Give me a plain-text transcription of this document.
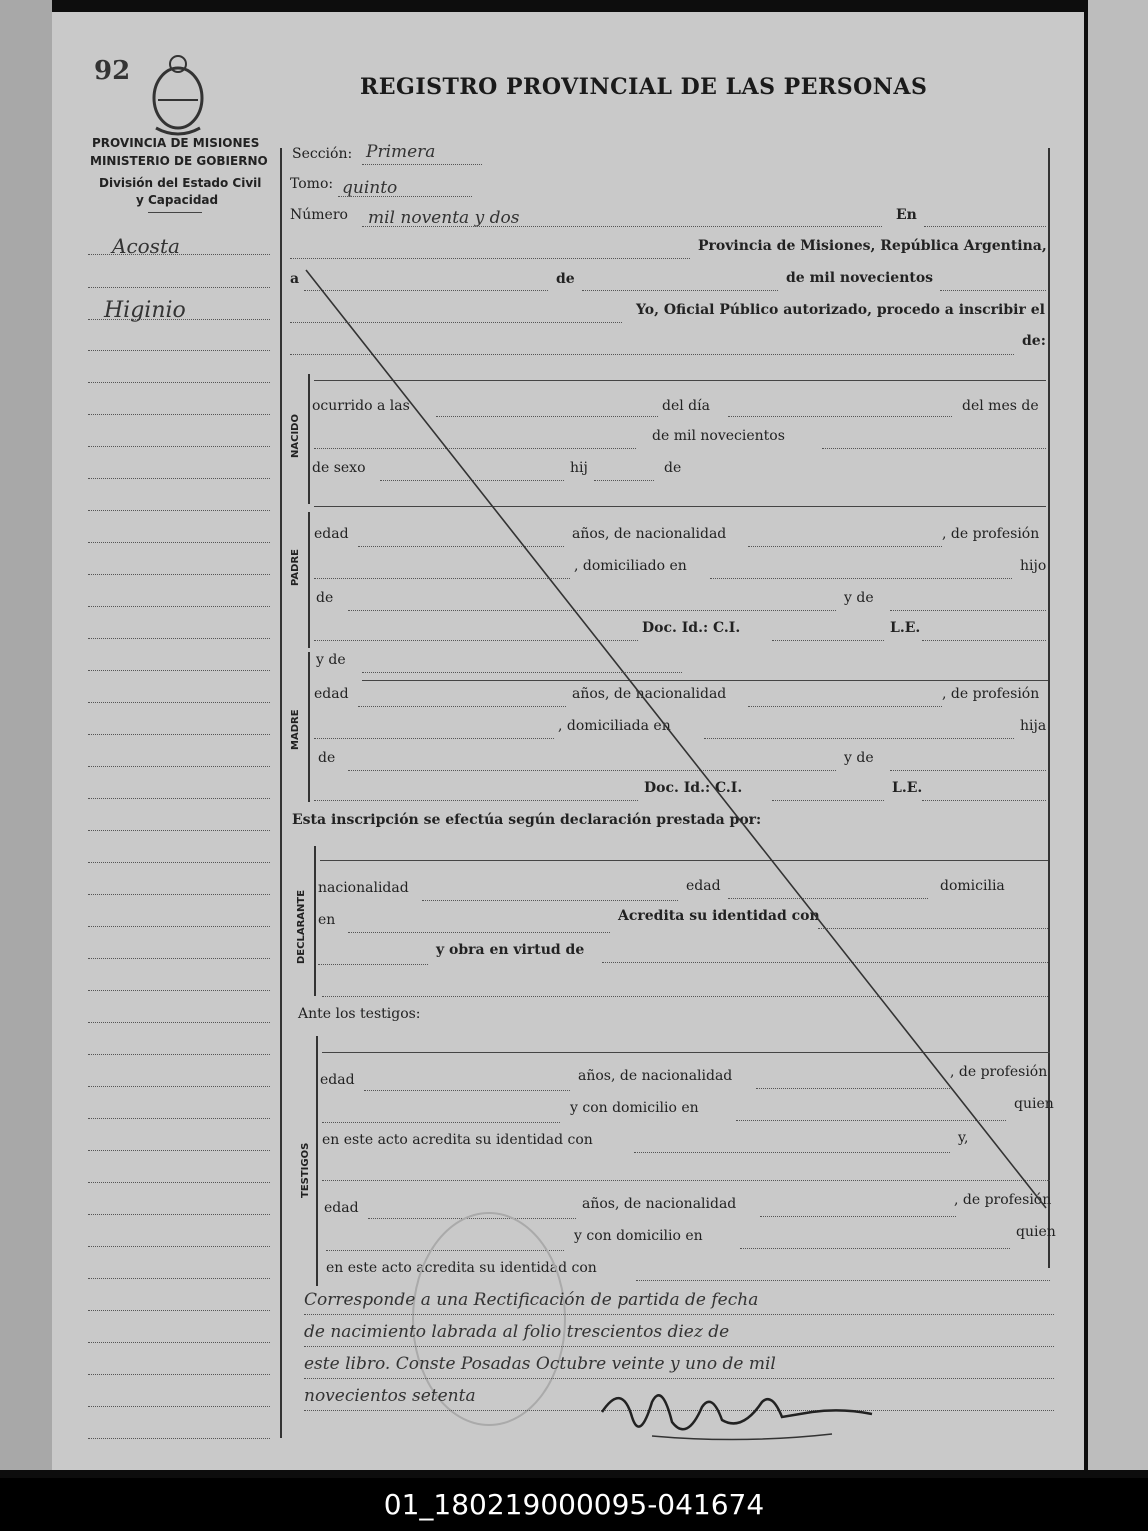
92
REGISTRO PROVINCIAL DE LAS PERSONAS
PROVINCIA DE MISIONES
MINISTERIO DE GOBIERNO
División del Estado Civil
y Capacidad
Acosta
Higinio
Sección: Primera
Tomo: quinto
Número mil noventa y dos	En
Provincia de Misiones, República Argentina,
a	de	de mil novecientos
Yo, Oficial Público autorizado, procedo a inscribir el
de:
NACIDO
ocurrido a las	del día	del mes de
de mil novecientos
de sexo	hij	de
PADRE
edad	años, de nacionalidad	, de profesión
, domiciliado en	hijo
de	y de
Doc. Id.: C.I.	L.E.
MADRE
y de
edad	años, de nacionalidad	, de profesión
, domiciliada en	hija
de	y de
Doc. Id.: C.I.	L.E.
Esta inscripción se efectúa según declaración prestada por:
DECLARANTE
nacionalidad	edad	domicilia
en	Acredita su identidad con
y obra en virtud de
Ante los testigos:
TESTIGOS
edad	años, de nacionalidad	, de profesión
y con domicilio en	quien
en este acto acredita su identidad con	y,
edad	años, de nacionalidad	, de profesión
y con domicilio en	quien
en este acto acredita su identidad con
Corresponde a una Rectificación de partida de fecha
de nacimiento labrada al folio trescientos diez de
este libro. Conste Posadas Octubre veinte y uno de mil
novecientos setenta
01_180219000095-041674
